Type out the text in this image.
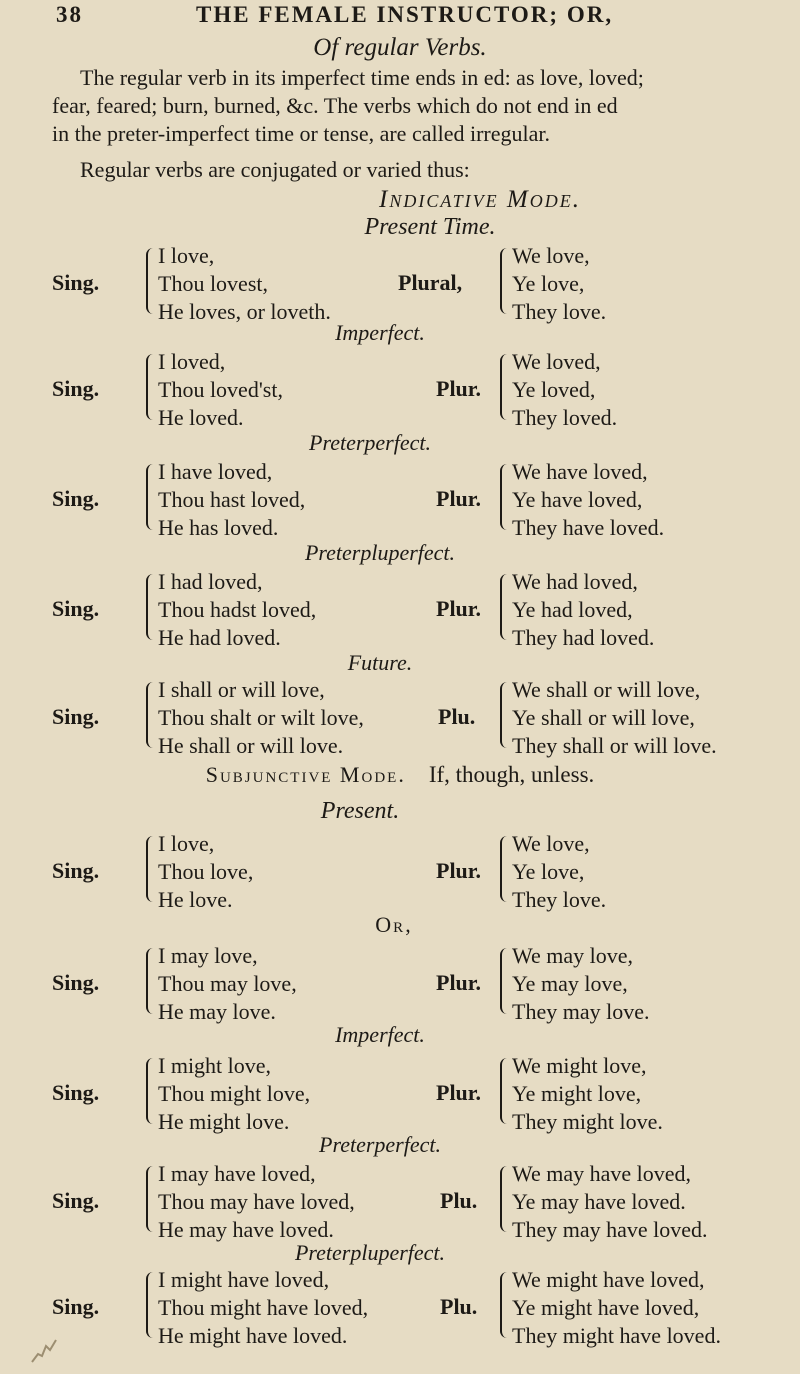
38	THE FEMALE INSTRUCTOR; OR,
Of regular Verbs.

The regular verb in its imperfect time ends in ed: as love, loved;

fear, feared; burn, burned, &c. The verbs which do not end in ed

in the preter-imperfect time or tense, are called irregular.

Regular verbs are conjugated or varied thus:

Indicative Mode.
Present Time.
Sing.
I love,
Thou lovest,
He loves, or loveth.
Plural,
We love,
Ye love,
They love.
Imperfect.
Sing.
I loved,
Thou loved'st,
He loved.
Plur.
We loved,
Ye loved,
They loved.
Preterperfect.
Sing.
I have loved,
Thou hast loved,
He has loved.
Plur.
We have loved,
Ye have loved,
They have loved.
Preterpluperfect.
Sing.
I had loved,
Thou hadst loved,
He had loved.
Plur.
We had loved,
Ye had loved,
They had loved.
Future.
Sing.
I shall or will love,
Thou shalt or wilt love,
He shall or will love.
Plu.
We shall or will love,
Ye shall or will love,
They shall or will love.
Subjunctive Mode. If, though, unless.
Present.
Sing.
I love,
Thou love,
He love.
Plur.
We love,
Ye love,
They love.
Or,
Sing.
I may love,
Thou may love,
He may love.
Plur.
We may love,
Ye may love,
They may love.
Imperfect.
Sing.
I might love,
Thou might love,
He might love.
Plur.
We might love,
Ye might love,
They might love.
Preterperfect.
Sing.
I may have loved,
Thou may have loved,
He may have loved.
Plu.
We may have loved,
Ye may have loved.
They may have loved.
Preterpluperfect.
Sing.
I might have loved,
Thou might have loved,
He might have loved.
Plu.
We might have loved,
Ye might have loved,
They might have loved.
